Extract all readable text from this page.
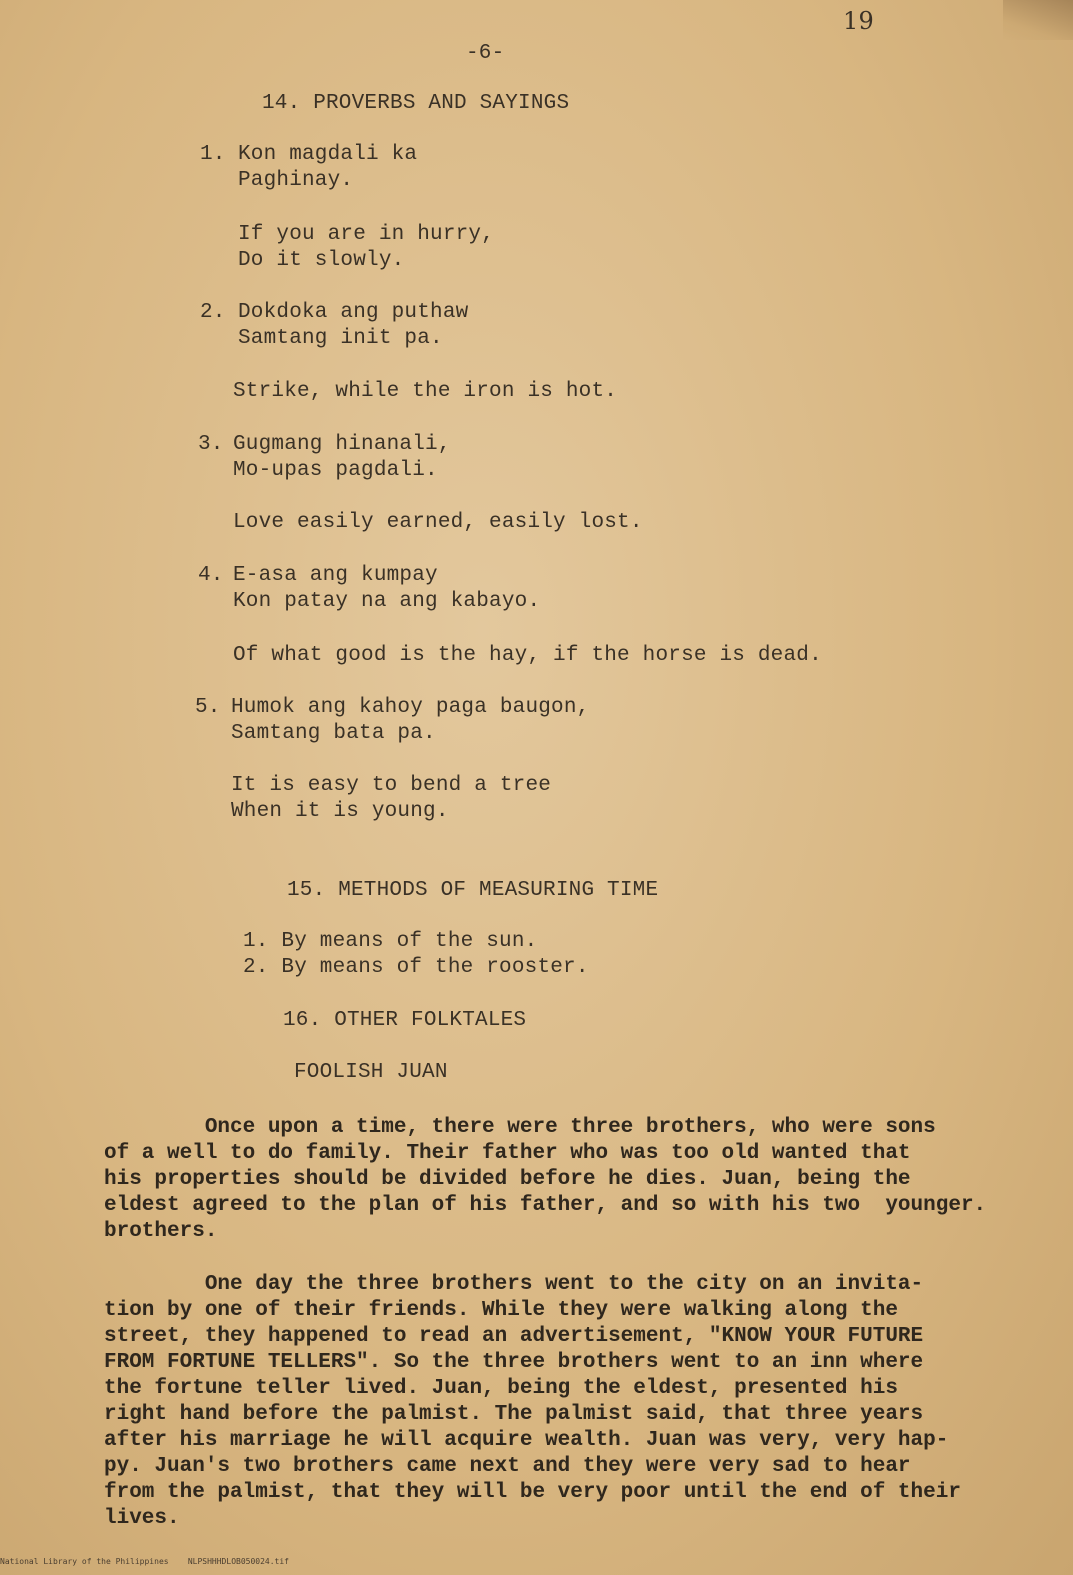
19
-6-
14. PROVERBS AND SAYINGS
1. Kon magdali ka
Paghinay.
If you are in hurry,
Do it slowly.
2. Dokdoka ang puthaw
Samtang init pa.
Strike, while the iron is hot.
3. Gugmang hinanali,
Mo-upas pagdali.
Love easily earned, easily lost.
4. E-asa ang kumpay
Kon patay na ang kabayo.
Of what good is the hay, if the horse is dead.
5. Humok ang kahoy paga baugon,
Samtang bata pa.
It is easy to bend a tree
When it is young.
15. METHODS OF MEASURING TIME
1. By means of the sun.
2. By means of the rooster.
16. OTHER FOLKTALES
FOOLISH JUAN
Once upon a time, there were three brothers, who were sons
of a well to do family. Their father who was too old wanted that
his properties should be divided before he dies. Juan, being the
eldest agreed to the plan of his father, and so with his two  younger.
brothers.
One day the three brothers went to the city on an invita-
tion by one of their friends. While they were walking along the
street, they happened to read an advertisement, "KNOW YOUR FUTURE
FROM FORTUNE TELLERS". So the three brothers went to an inn where
the fortune teller lived. Juan, being the eldest, presented his
right hand before the palmist. The palmist said, that three years
after his marriage he will acquire wealth. Juan was very, very hap-
py. Juan's two brothers came next and they were very sad to hear
from the palmist, that they will be very poor until the end of their
lives.
National Library of the Philippines NLPSHHHDLOB050024.tif
